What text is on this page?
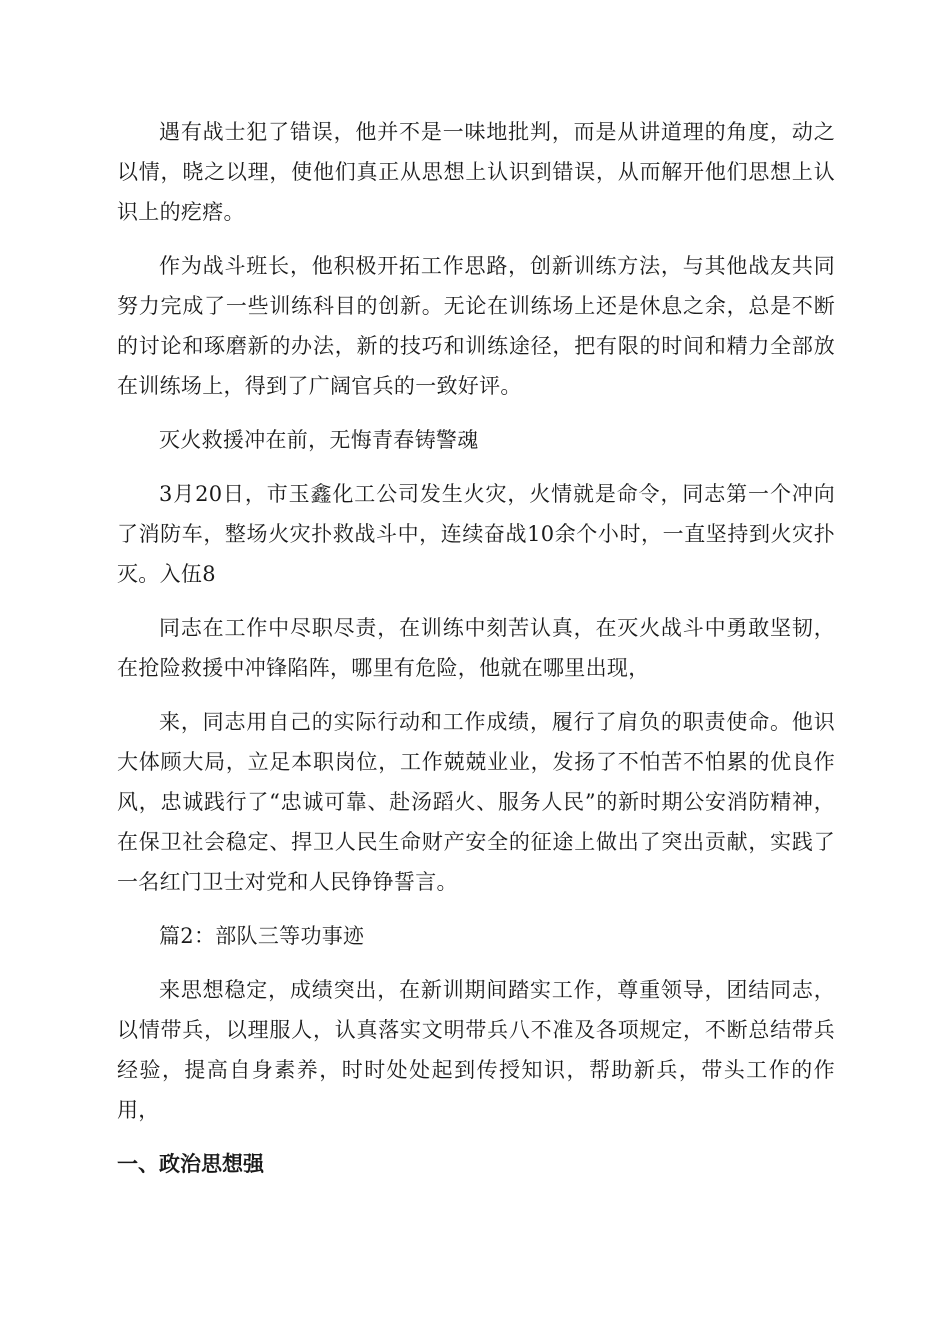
遇有战士犯了错误，他并不是一味地批判，而是从讲道理的角度，动之以情，晓之以理，使他们真正从思想上认识到错误，从而解开他们思想上认识上的疙瘩。

作为战斗班长，他积极开拓工作思路，创新训练方法，与其他战友共同努力完成了一些训练科目的创新。无论在训练场上还是休息之余，总是不断的讨论和琢磨新的办法，新的技巧和训练途径，把有限的时间和精力全部放在训练场上，得到了广阔官兵的一致好评。

灭火救援冲在前，无悔青春铸警魂

3月20日，市玉鑫化工公司发生火灾，火情就是命令，同志第一个冲向了消防车，整场火灾扑救战斗中，连续奋战10余个小时，一直坚持到火灾扑灭。入伍8

同志在工作中尽职尽责，在训练中刻苦认真，在灭火战斗中勇敢坚韧，在抢险救援中冲锋陷阵，哪里有危险，他就在哪里出现，

来，同志用自己的实际行动和工作成绩，履行了肩负的职责使命。他识大体顾大局，立足本职岗位，工作兢兢业业，发扬了不怕苦不怕累的优良作风，忠诚践行了“忠诚可靠、赴汤蹈火、服务人民”的新时期公安消防精神，在保卫社会稳定、捍卫人民生命财产安全的征途上做出了突出贡献，实践了一名红门卫士对党和人民铮铮誓言。

篇2：部队三等功事迹

来思想稳定，成绩突出，在新训期间踏实工作，尊重领导，团结同志，以情带兵，以理服人，认真落实文明带兵八不准及各项规定，不断总结带兵经验，提高自身素养，时时处处起到传授知识，帮助新兵，带头工作的作用，

一、政治思想强
